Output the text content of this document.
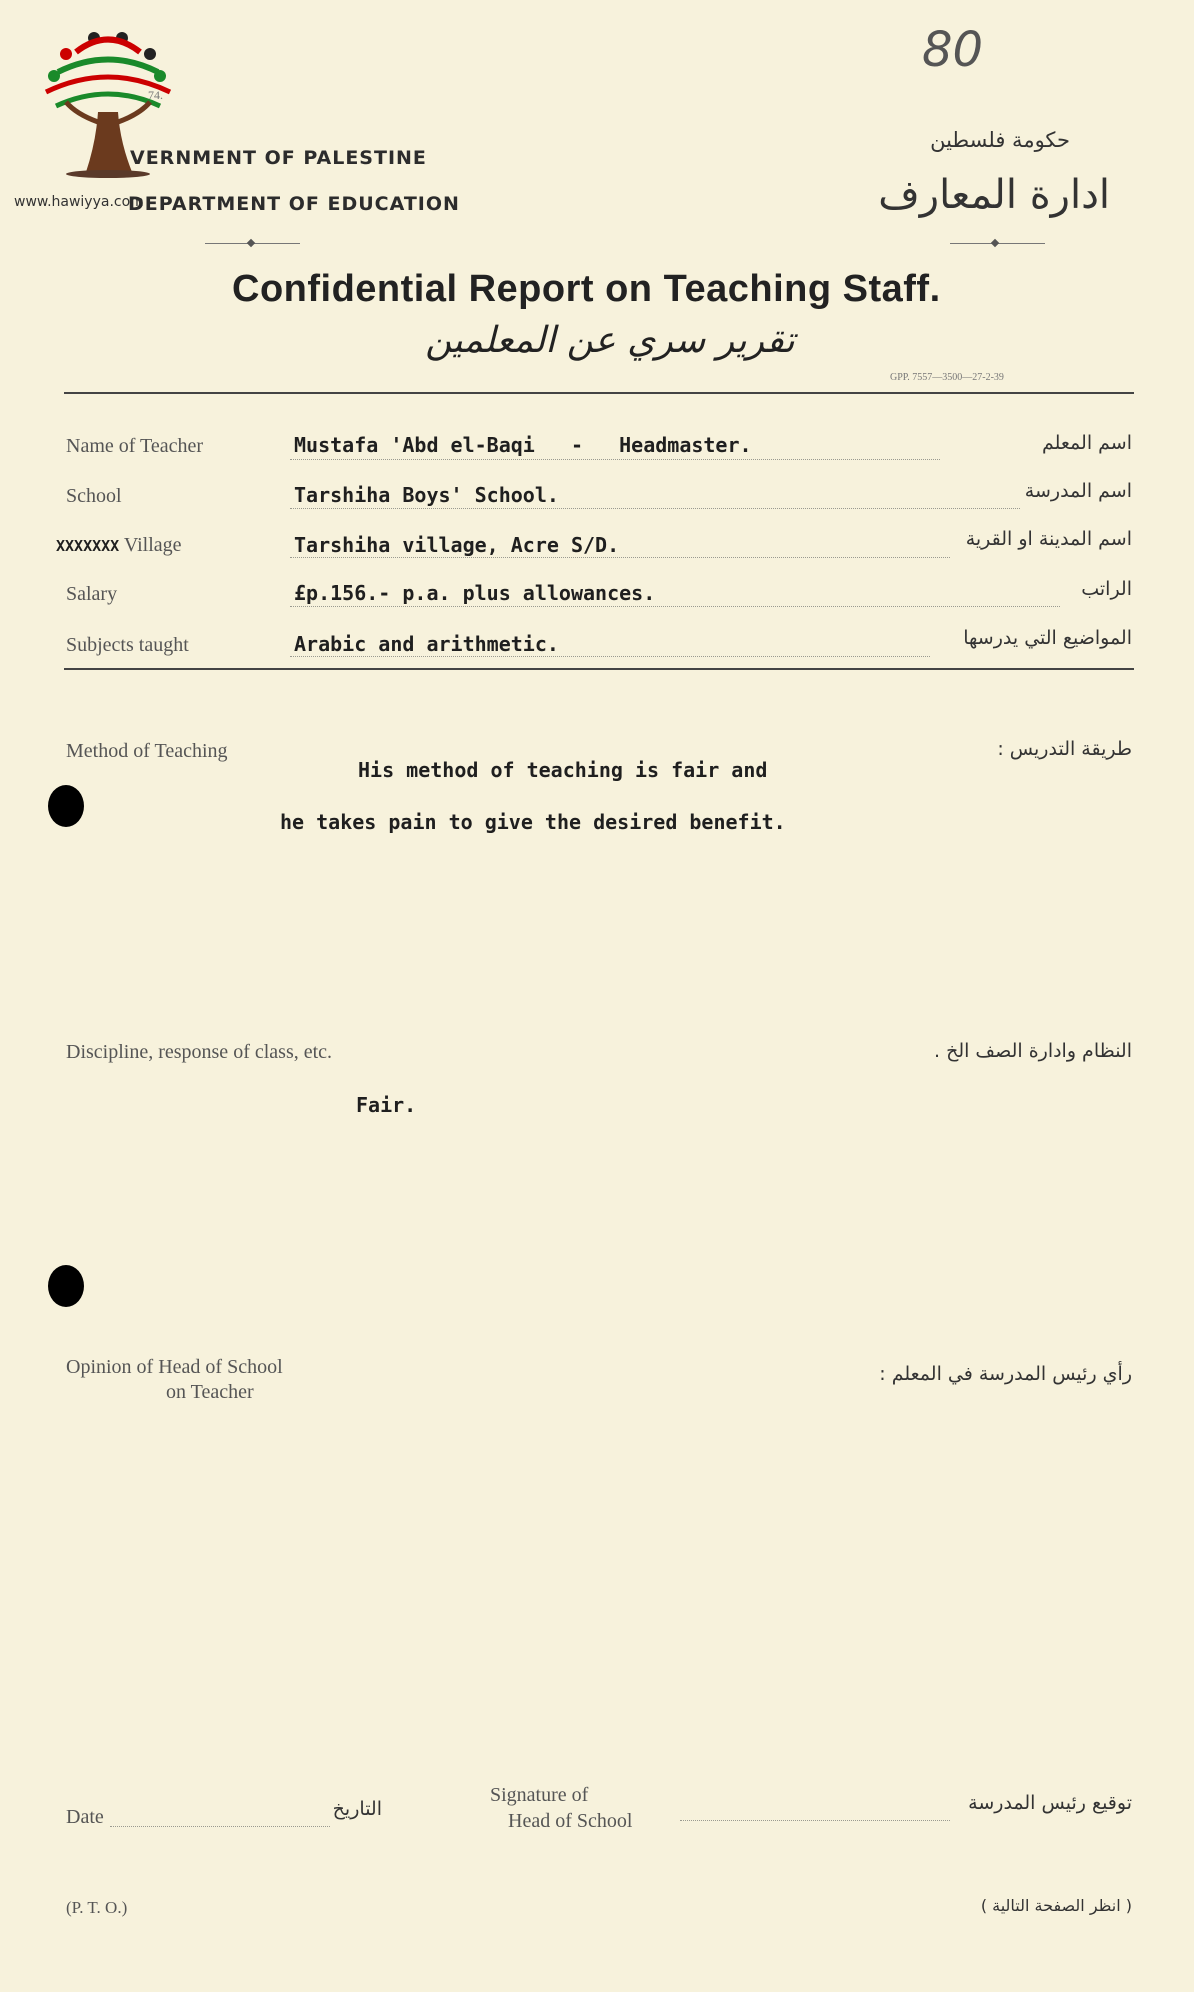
www.hawiyya.com
74.
VERNMENT OF PALESTINE
DEPARTMENT OF EDUCATION
80
حكومة فلسطين
ادارة المعارف
Confidential Report on Teaching Staff.
تقرير سري عن المعلمين
GPP. 7557—3500—27-2-39
Name of Teacher	Mustafa 'Abd el-Baqi   -   Headmaster.	اسم المعلم
School	Tarshiha Boys' School.	اسم المدرسة
XXXXXXX Village	Tarshiha village, Acre S/D.	اسم المدينة او القرية
Salary	£p.156.- p.a. plus allowances.	الراتب
Subjects taught	Arabic and arithmetic.	المواضيع التي يدرسها
Method of Teaching	طريقة التدريس :
His method of teaching is fair and
he takes pain to give the desired benefit.
Discipline, response of class, etc.	النظام وادارة الصف الخ .
Fair.
Opinion of Head of School
on Teacher
رأي رئيس المدرسة في المعلم :
Date	التاريخ
Signature of
Head of School
توقيع رئيس المدرسة
(P. T. O.)	( انظر الصفحة التالية )
